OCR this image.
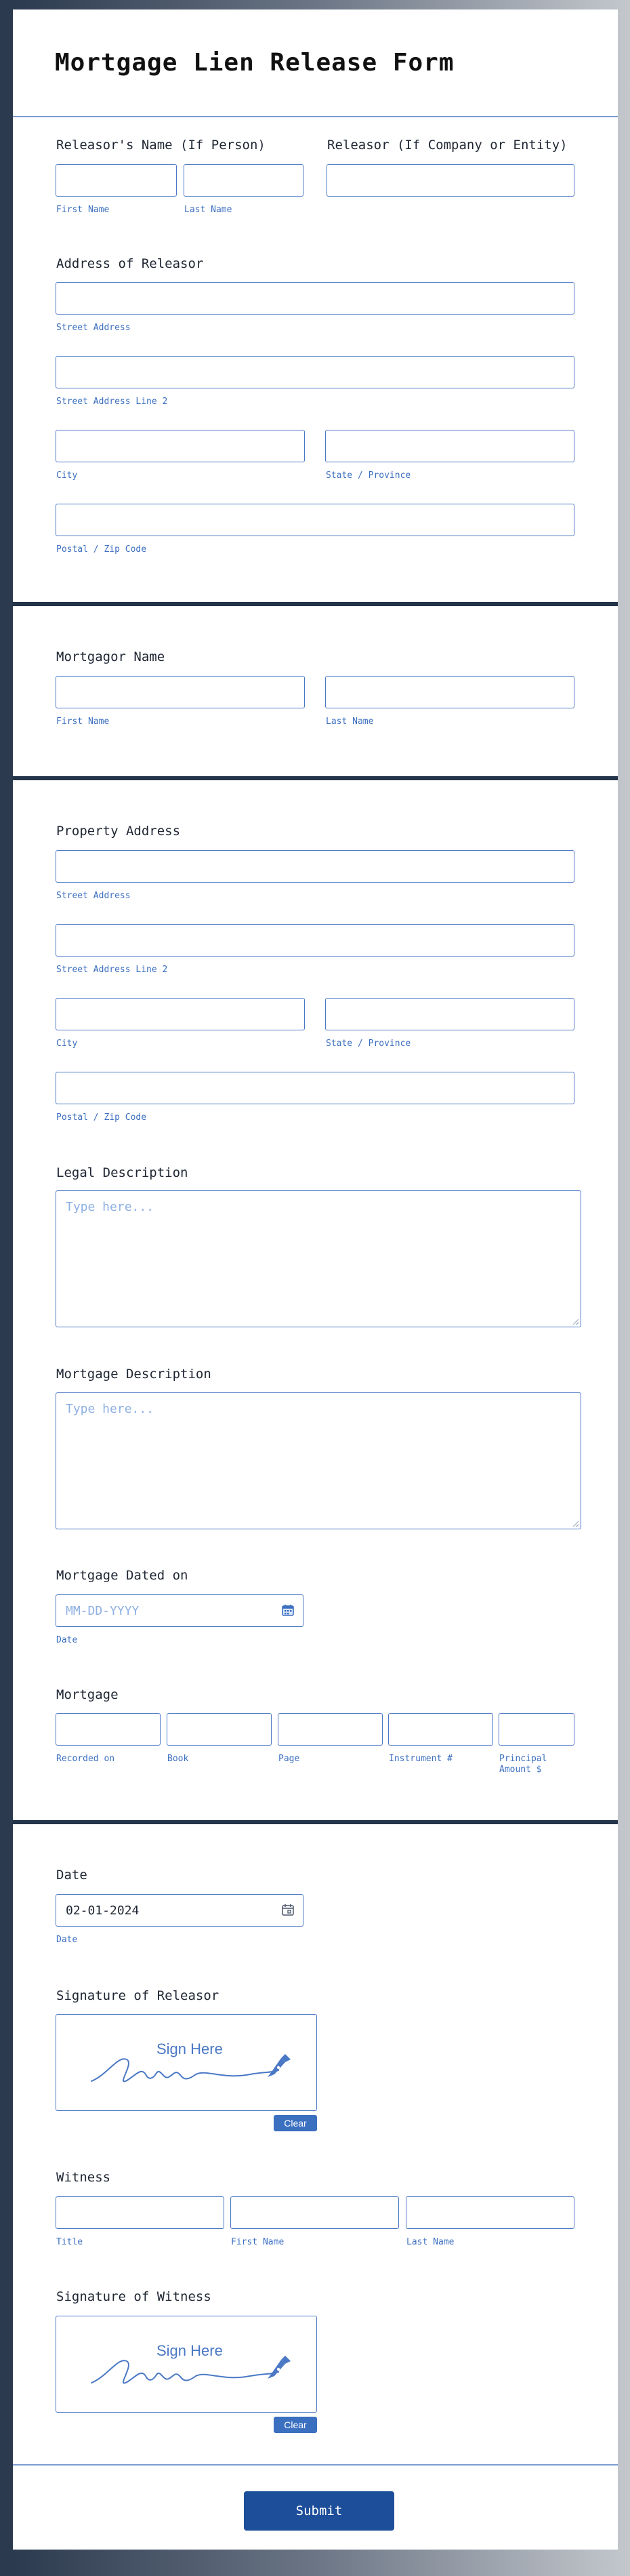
Mortgage Lien Release Form
Releasor's Name (If Person)	Releasor (If Company or Entity)
First Name	Last Name
Address of Releasor
Street Address
Street Address Line 2
City	State / Province
Postal / Zip Code
Mortgagor Name
First Name	Last Name
Property Address
Street Address
Street Address Line 2
City	State / Province
Postal / Zip Code
Legal Description
Type here...
Mortgage Description
Type here...
Mortgage Dated on
MM-DD-YYYY
Date
Mortgage
Recorded on	Book	Page	Instrument #	Principal Amount $
Date
02-01-2024
Date
Signature of Releasor
Sign Here
Clear
Witness
Title	First Name	Last Name
Signature of Witness
Sign Here
Clear
Submit
